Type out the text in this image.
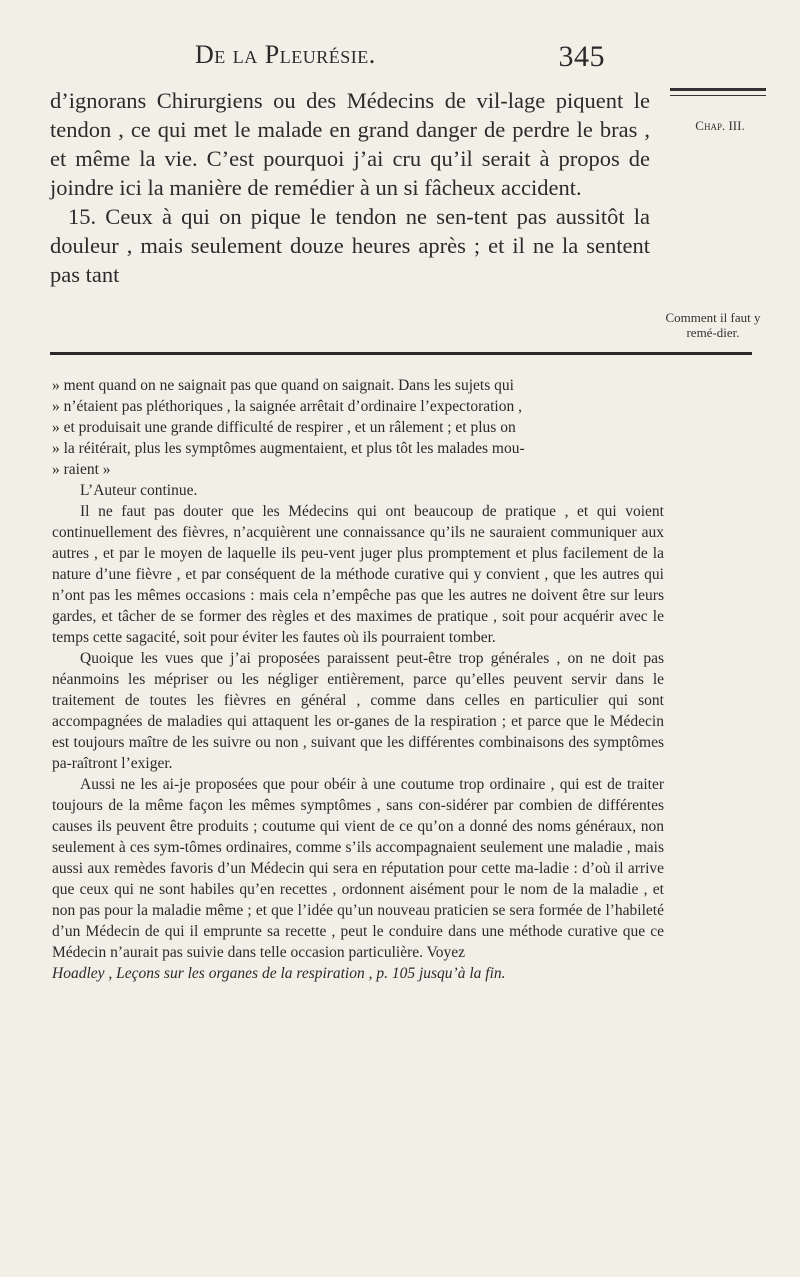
De la Pleurésie.	345
Chap. III.
Comment il faut y remé-dier.

d’ignorans Chirurgiens ou des Médecins de vil-lage piquent le tendon , ce qui met le malade en grand danger de perdre le bras , et même la vie. C’est pourquoi j’ai cru qu’il serait à propos de joindre ici la manière de remédier à un si fâcheux accident.

15. Ceux à qui on pique le tendon ne sen-tent pas aussitôt la douleur , mais seulement douze heures après ; et il ne la sentent pas tant

» ment quand on ne saignait pas que quand on saignait. Dans les sujets qui

» n’étaient pas pléthoriques , la saignée arrêtait d’ordinaire l’expectoration ,

» et produisait une grande difficulté de respirer , et un râlement ; et plus on

» la réitérait, plus les symptômes augmentaient, et plus tôt les malades mou-

» raient »

L’Auteur continue.

Il ne faut pas douter que les Médecins qui ont beaucoup de pratique , et qui voient continuellement des fièvres, n’acquièrent une connaissance qu’ils ne sauraient communiquer aux autres , et par le moyen de laquelle ils peu-vent juger plus promptement et plus facilement de la nature d’une fièvre , et par conséquent de la méthode curative qui y convient , que les autres qui n’ont pas les mêmes occasions : mais cela n’empêche pas que les autres ne doivent être sur leurs gardes, et tâcher de se former des règles et des maximes de pratique , soit pour acquérir avec le temps cette sagacité, soit pour éviter les fautes où ils pourraient tomber.

Quoique les vues que j’ai proposées paraissent peut-être trop générales , on ne doit pas néanmoins les mépriser ou les négliger entièrement, parce qu’elles peuvent servir dans le traitement de toutes les fièvres en général , comme dans celles en particulier qui sont accompagnées de maladies qui attaquent les or-ganes de la respiration ; et parce que le Médecin est toujours maître de les suivre ou non , suivant que les différentes combinaisons des symptômes pa-raîtront l’exiger.

Aussi ne les ai-je proposées que pour obéir à une coutume trop ordinaire , qui est de traiter toujours de la même façon les mêmes symptômes , sans con-sidérer par combien de différentes causes ils peuvent être produits ; coutume qui vient de ce qu’on a donné des noms généraux, non seulement à ces sym-tômes ordinaires, comme s’ils accompagnaient seulement une maladie , mais aussi aux remèdes favoris d’un Médecin qui sera en réputation pour cette ma-ladie : d’où il arrive que ceux qui ne sont habiles qu’en recettes , ordonnent aisément pour le nom de la maladie , et non pas pour la maladie même ; et que l’idée qu’un nouveau praticien se sera formée de l’habileté d’un Médecin de qui il emprunte sa recette , peut le conduire dans une méthode curative que ce Médecin n’aurait pas suivie dans telle occasion particulière. Voyez

Hoadley , Leçons sur les organes de la respiration , p. 105 jusqu’à la fin.
